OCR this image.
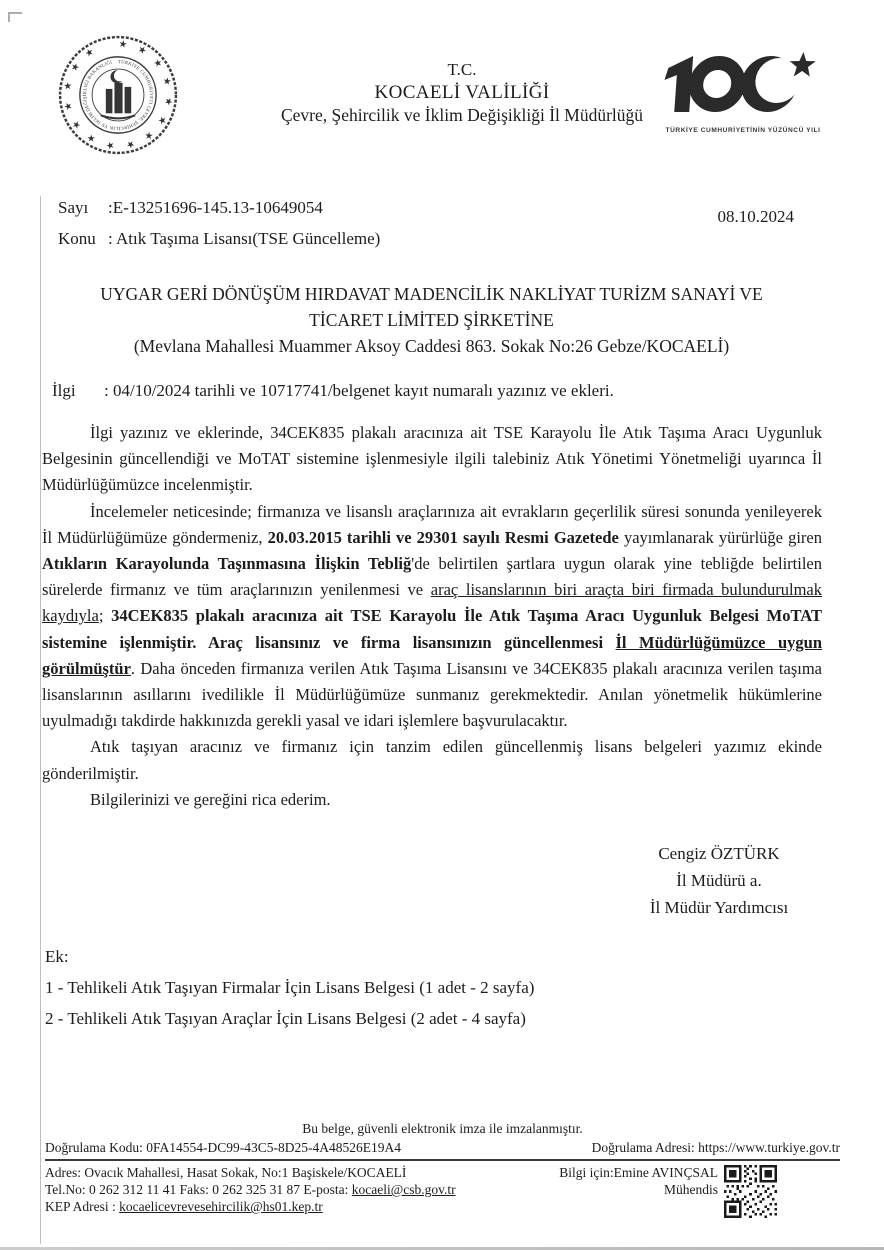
★★★★★★★★★★★★★★★
TÜRKİYE CUMHURİYETİ ÇEVRE, ŞEHİRCİLİK VE İKLİM DEĞİŞİKLİĞİ BAKANLIĞI	T.C.
KOCAELİ VALİLİĞİ
Çevre, Şehircilik ve İklim Değişikliği İl Müdürlüğü
TÜRKİYE CUMHURİYETİNİN YÜZÜNCÜ YILI
Sayı :E-13251696-145.13-10649054
Konu : Atık Taşıma Lisansı(TSE Güncelleme)
08.10.2024
UYGAR GERİ DÖNÜŞÜM HIRDAVAT MADENCİLİK NAKLİYAT TURİZM SANAYİ VE
TİCARET LİMİTED ŞİRKETİNE
(Mevlana Mahallesi Muammer Aksoy Caddesi 863. Sokak No:26 Gebze/KOCAELİ)
İlgi : 04/10/2024 tarihli ve 10717741/belgenet kayıt numaralı yazınız ve ekleri.

İlgi yazınız ve eklerinde, 34CEK835 plakalı aracınıza ait TSE Karayolu İle Atık Taşıma Aracı Uygunluk Belgesinin güncellendiği ve MoTAT sistemine işlenmesiyle ilgili talebiniz Atık Yönetimi Yönetmeliği uyarınca İl Müdürlüğümüzce incelenmiştir.

İncelemeler neticesinde; firmanıza ve lisanslı araçlarınıza ait evrakların geçerlilik süresi sonunda yenileyerek İl Müdürlüğümüze göndermeniz, 20.03.2015 tarihli ve 29301 sayılı Resmi Gazetede yayımlanarak yürürlüğe giren Atıkların Karayolunda Taşınmasına İlişkin Tebliğ'de belirtilen şartlara uygun olarak yine tebliğde belirtilen sürelerde firmanız ve tüm araçlarınızın yenilenmesi ve araç lisanslarının biri araçta biri firmada bulundurulmak kaydıyla; 34CEK835 plakalı aracınıza ait TSE Karayolu İle Atık Taşıma Aracı Uygunluk Belgesi MoTAT sistemine işlenmiştir. Araç lisansınız ve firma lisansınızın güncellenmesi İl Müdürlüğümüzce uygun görülmüştür. Daha önceden firmanıza verilen Atık Taşıma Lisansını ve 34CEK835 plakalı aracınıza verilen taşıma lisanslarının asıllarını ivedilikle İl Müdürlüğümüze sunmanız gerekmektedir. Anılan yönetmelik hükümlerine uyulmadığı takdirde hakkınızda gerekli yasal ve idari işlemlere başvurulacaktır.

Atık taşıyan aracınız ve firmanız için tanzim edilen güncellenmiş lisans belgeleri yazımız ekinde gönderilmiştir.

Bilgilerinizi ve gereğini rica ederim.

Cengiz ÖZTÜRK
İl Müdürü a.
İl Müdür Yardımcısı
Ek:
1 - Tehlikeli Atık Taşıyan Firmalar İçin Lisans Belgesi (1 adet - 2 sayfa)
2 - Tehlikeli Atık Taşıyan Araçlar İçin Lisans Belgesi (2 adet - 4 sayfa)
Bu belge, güvenli elektronik imza ile imzalanmıştır.
Doğrulama Kodu: 0FA14554-DC99-43C5-8D25-4A48526E19A4	Doğrulama Adresi: https://www.turkiye.gov.tr
Adres: Ovacık Mahallesi, Hasat Sokak, No:1 Başiskele/KOCAELİ
Tel.No: 0 262 312 11 41 Faks: 0 262 325 31 87 E-posta: kocaeli@csb.gov.tr
KEP Adresi : kocaelicevrevesehircilik@hs01.kep.tr
Bilgi için:Emine AVINÇSAL
Mühendis
